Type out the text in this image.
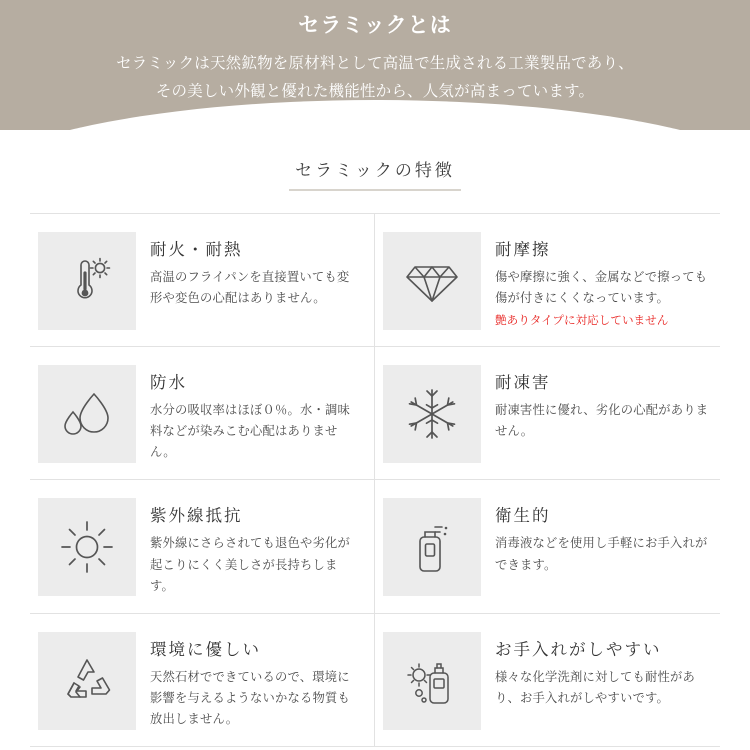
セラミックとは
セラミックは天然鉱物を原材料として高温で生成される工業製品であり、
その美しい外観と優れた機能性から、人気が高まっています。
セラミックの特徴
耐火・耐熱
高温のフライパンを直接置いても変形や変色の心配はありません。
耐摩擦
傷や摩擦に強く、金属などで擦っても傷が付きにくくなっています。
艶ありタイプに対応していません
防水
水分の吸収率はほぼ０％。水・調味料などが染みこむ心配はありません。
耐凍害
耐凍害性に優れ、劣化の心配がありません。
紫外線抵抗
紫外線にさらされても退色や劣化が起こりにくく美しさが長持ちします。
衛生的
消毒液などを使用し手軽にお手入れができます。
環境に優しい
天然石材でできているので、環境に影響を与えるようないかなる物質も放出しません。
お手入れがしやすい
様々な化学洗剤に対しても耐性があり、お手入れがしやすいです。
